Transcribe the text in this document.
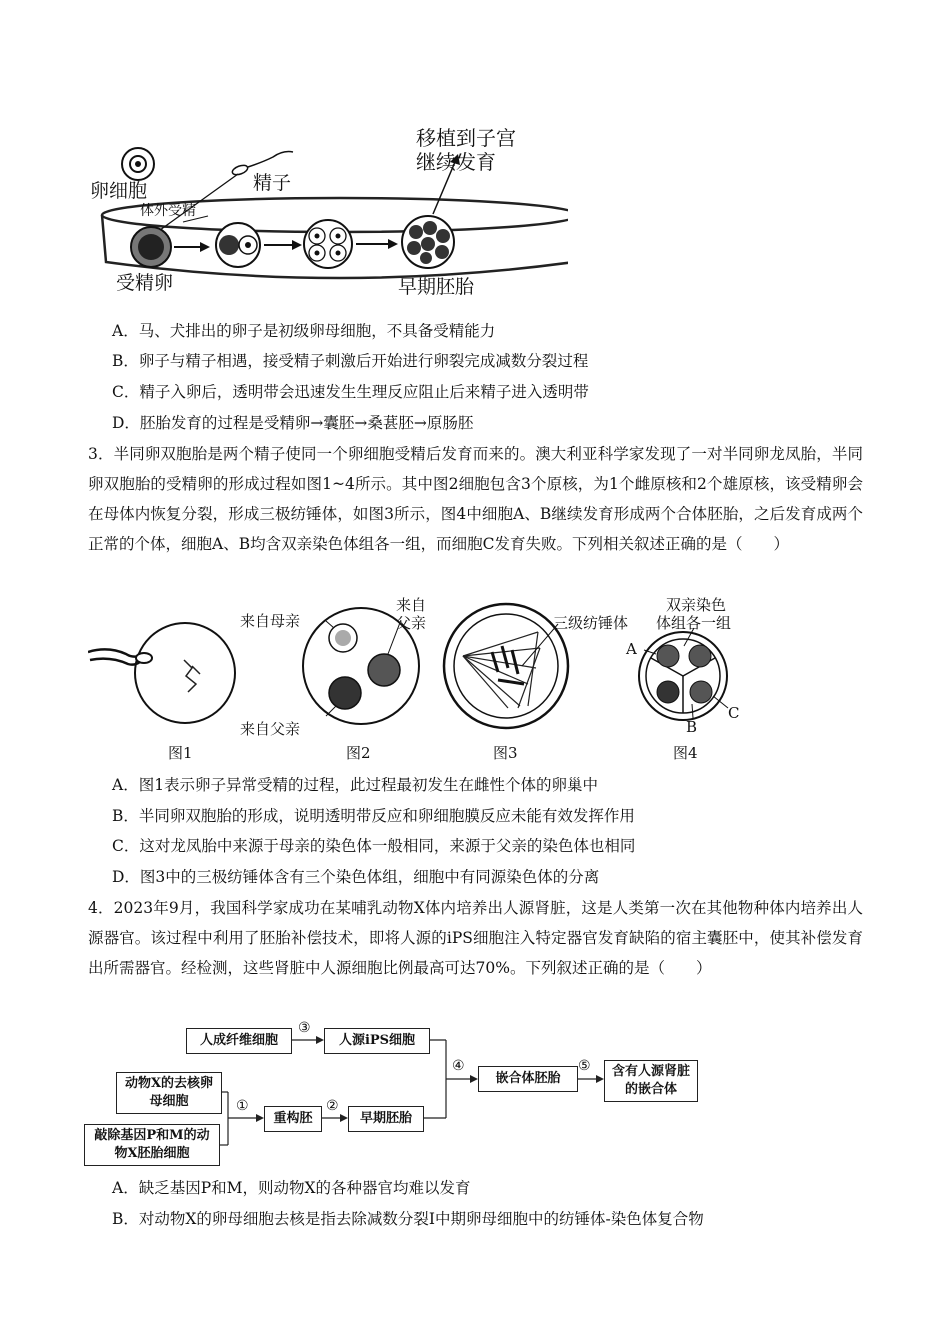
体外受精
卵细胞	精子
受精卵
移植到子宫
继续发育
早期胚胎
A．马、犬排出的卵子是初级卵母细胞，不具备受精能力
B．卵子与精子相遇，接受精子刺激后开始进行卵裂完成减数分裂过程
C．精子入卵后，透明带会迅速发生生理反应阻止后来精子进入透明带
D．胚胎发育的过程是受精卵→囊胚→桑葚胚→原肠胚
3．半同卵双胞胎是两个精子使同一个卵细胞受精后发育而来的。澳大利亚科学家发现了一对半同卵龙凤胎，半同卵双胞胎的受精卵的形成过程如图1~4所示。其中图2细胞包含3个原核，为1个雌原核和2个雄原核，该受精卵会在母体内恢复分裂，形成三极纺锤体，如图3所示，图4中细胞A、B继续发育形成两个合体胚胎，之后发育成两个正常的个体，细胞A、B均含双亲染色体组各一组，而细胞C发育失败。下列相关叙述正确的是（　　）
来自母亲
来自
父亲
来自父亲
三级纺锤体
双亲染色
体组各一组
A
B
C
图1	图2	图3	图4
A．图1表示卵子异常受精的过程，此过程最初发生在雌性个体的卵巢中
B．半同卵双胞胎的形成，说明透明带反应和卵细胞膜反应未能有效发挥作用
C．这对龙凤胎中来源于母亲的染色体一般相同，来源于父亲的染色体也相同
D．图3中的三极纺锤体含有三个染色体组，细胞中有同源染色体的分离
4．2023年9月，我国科学家成功在某哺乳动物X体内培养出人源肾脏，这是人类第一次在其他物种体内培养出人源器官。该过程中利用了胚胎补偿技术，即将人源的iPS细胞注入特定器官发育缺陷的宿主囊胚中，使其补偿发育出所需器官。经检测，这些肾脏中人源细胞比例最高可达70%。下列叙述正确的是（　　）
人成纤维细胞
③
人源iPS细胞
④
嵌合体胚胎
⑤	含有人源肾脏的嵌合体
动物X的去核卵母细胞	①
重构胚
②
早期胚胎
敲除基因P和M的动物X胚胎细胞
A．缺乏基因P和M，则动物X的各种器官均难以发育
B．对动物X的卵母细胞去核是指去除减数分裂Ⅰ中期卵母细胞中的纺锤体-染色体复合物
